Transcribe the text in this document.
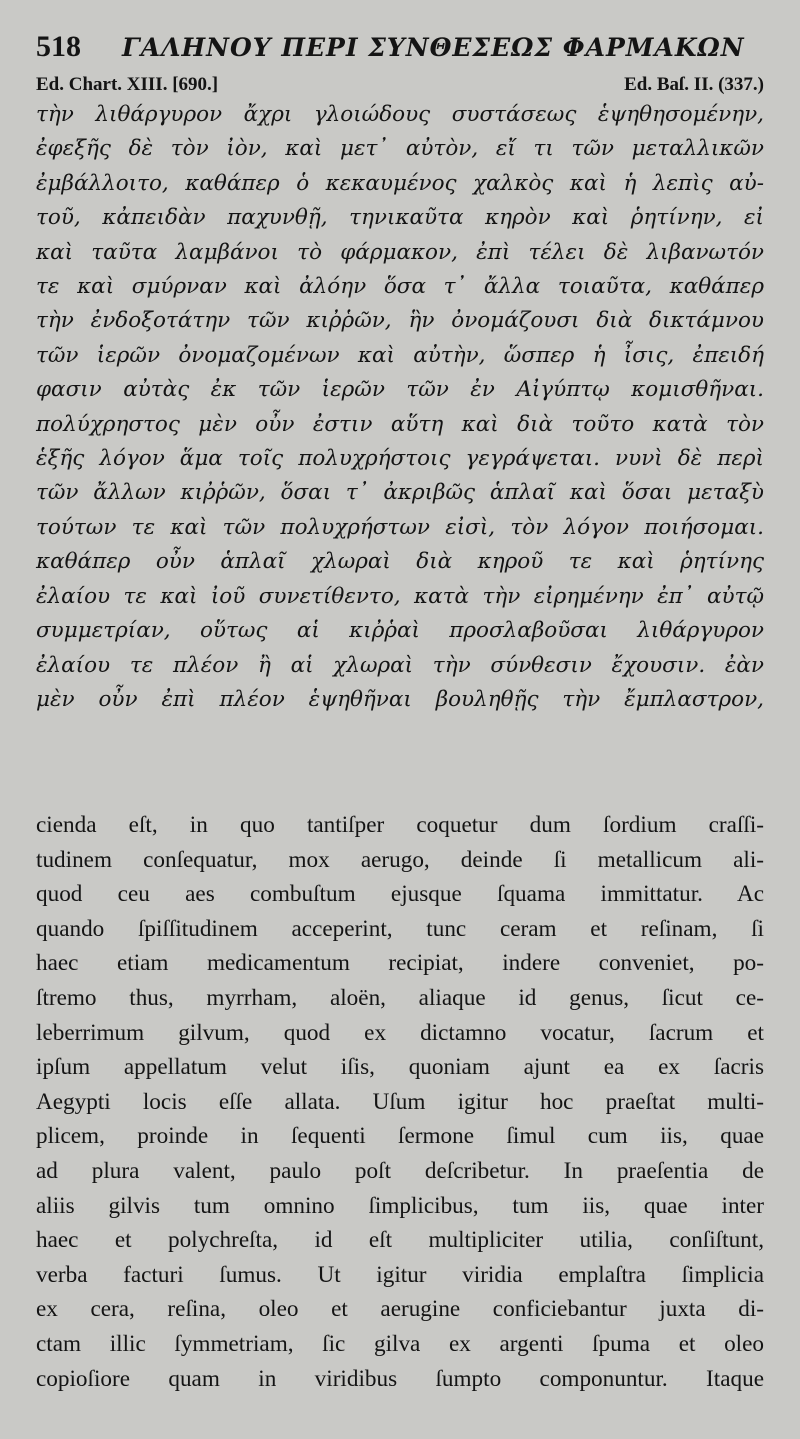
518	ΓΑΛΗΝΟΥ ΠΕΡΙ ΣΥΝΘΕΣΕΩΣ ΦΑΡΜΑΚΩΝ
Ed. Chart. XIII. [690.]	Ed. Baſ. II. (337.)
τὴν λιθάργυρον ἄχρι γλοιώδους συστάσεως ἑψηθησομένην,
ἐφεξῆς δὲ τὸν ἰὸν, καὶ μετ᾽ αὐτὸν, εἴ τι τῶν μεταλλικῶν
ἐμβάλλοιτο, καθάπερ ὁ κεκαυμένος χαλκὸς καὶ ἡ λεπὶς αὐ-
τοῦ, κἀπειδὰν παχυνθῇ, τηνικαῦτα κηρὸν καὶ ῥητίνην, εἰ
καὶ ταῦτα λαμβάνοι τὸ φάρμακον, ἐπὶ τέλει δὲ λιβανωτόν
τε καὶ σμύρναν καὶ ἀλόην ὅσα τ᾽ ἄλλα τοιαῦτα, καθάπερ
τὴν ἐνδοξοτάτην τῶν κιῤῥῶν, ἣν ὀνομάζουσι διὰ δικτάμνου
τῶν ἱερῶν ὀνομαζομένων καὶ αὐτὴν, ὥσπερ ἡ ἶσις, ἐπειδή
φασιν αὐτὰς ἐκ τῶν ἱερῶν τῶν ἐν Αἰγύπτῳ κομισθῆναι.
πολύχρηστος μὲν οὖν ἐστιν αὕτη καὶ διὰ τοῦτο κατὰ τὸν
ἑξῆς λόγον ἅμα τοῖς πολυχρήστοις γεγράψεται. νυνὶ δὲ περὶ
τῶν ἄλλων κιῤῥῶν, ὅσαι τ᾽ ἀκριβῶς ἁπλαῖ καὶ ὅσαι μεταξὺ
τούτων τε καὶ τῶν πολυχρήστων εἰσὶ, τὸν λόγον ποιήσομαι.
καθάπερ οὖν ἁπλαῖ χλωραὶ διὰ κηροῦ τε καὶ ῥητίνης
ἐλαίου τε καὶ ἰοῦ συνετίθεντο, κατὰ τὴν εἰρημένην ἐπ᾽ αὐτῷ
συμμετρίαν, οὕτως αἱ κιῤῥαὶ προσλαβοῦσαι λιθάργυρον
ἐλαίου τε πλέον ἢ αἱ χλωραὶ τὴν σύνθεσιν ἔχουσιν. ἐὰν
μὲν οὖν ἐπὶ πλέον ἑψηθῆναι βουληθῇς τὴν ἔμπλαστρον,
cienda eſt, in quo tantiſper coquetur dum ſordium craſſi-
tudinem conſequatur, mox aerugo, deinde ſi metallicum ali-
quod ceu aes combuſtum ejusque ſquama immittatur. Ac
quando ſpiſſitudinem acceperint, tunc ceram et reſinam, ſi
haec etiam medicamentum recipiat, indere conveniet, po-
ſtremo thus, myrrham, aloën, aliaque id genus, ſicut ce-
leberrimum gilvum, quod ex dictamno vocatur, ſacrum et
ipſum appellatum velut iſis, quoniam ajunt ea ex ſacris
Aegypti locis eſſe allata. Uſum igitur hoc praeſtat multi-
plicem, proinde in ſequenti ſermone ſimul cum iis, quae
ad plura valent, paulo poſt deſcribetur. In praeſentia de
aliis gilvis tum omnino ſimplicibus, tum iis, quae inter
haec et polychreſta, id eſt multipliciter utilia, conſiſtunt,
verba facturi ſumus. Ut igitur viridia emplaſtra ſimplicia
ex cera, reſina, oleo et aerugine conficiebantur juxta di-
ctam illic ſymmetriam, ſic gilva ex argenti ſpuma et oleo
copioſiore quam in viridibus ſumpto componuntur. Itaque
